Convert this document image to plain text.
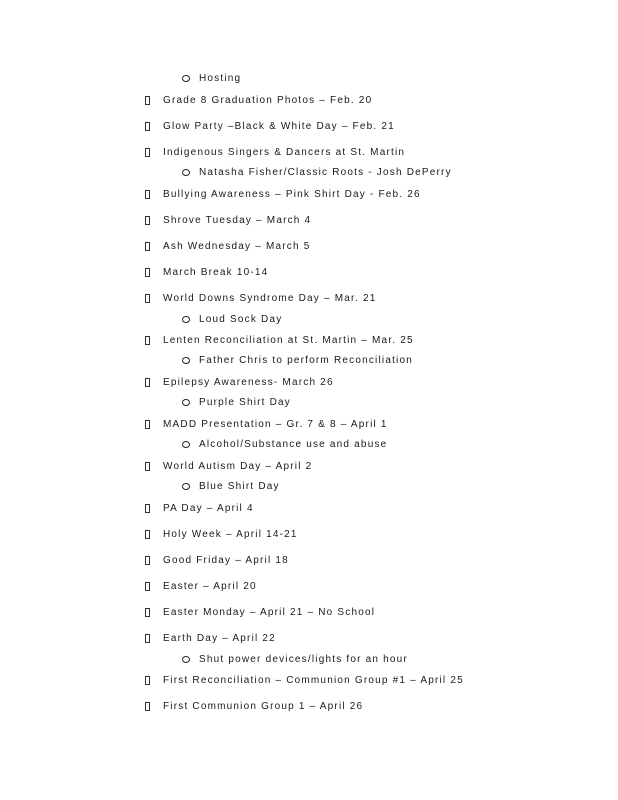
Hosting
Grade 8 Graduation Photos – Feb. 20
Glow Party –Black & White Day – Feb. 21
Indigenous Singers & Dancers at St. Martin
Natasha Fisher/Classic Roots - Josh DePerry
Bullying Awareness – Pink Shirt Day - Feb. 26
Shrove Tuesday – March 4
Ash Wednesday – March 5
March Break 10-14
World Downs Syndrome Day – Mar. 21
Loud Sock Day
Lenten Reconciliation at St. Martin – Mar. 25
Father Chris to perform Reconciliation
Epilepsy Awareness- March 26
Purple Shirt Day
MADD Presentation – Gr. 7 & 8 – April 1
Alcohol/Substance use and abuse
World Autism Day – April 2
Blue Shirt Day
PA Day – April 4
Holy Week – April 14-21
Good Friday – April 18
Easter – April 20
Easter Monday – April 21 – No School
Earth Day – April 22
Shut power devices/lights for an hour
First Reconciliation – Communion Group #1 – April 25
First Communion Group 1 – April 26
